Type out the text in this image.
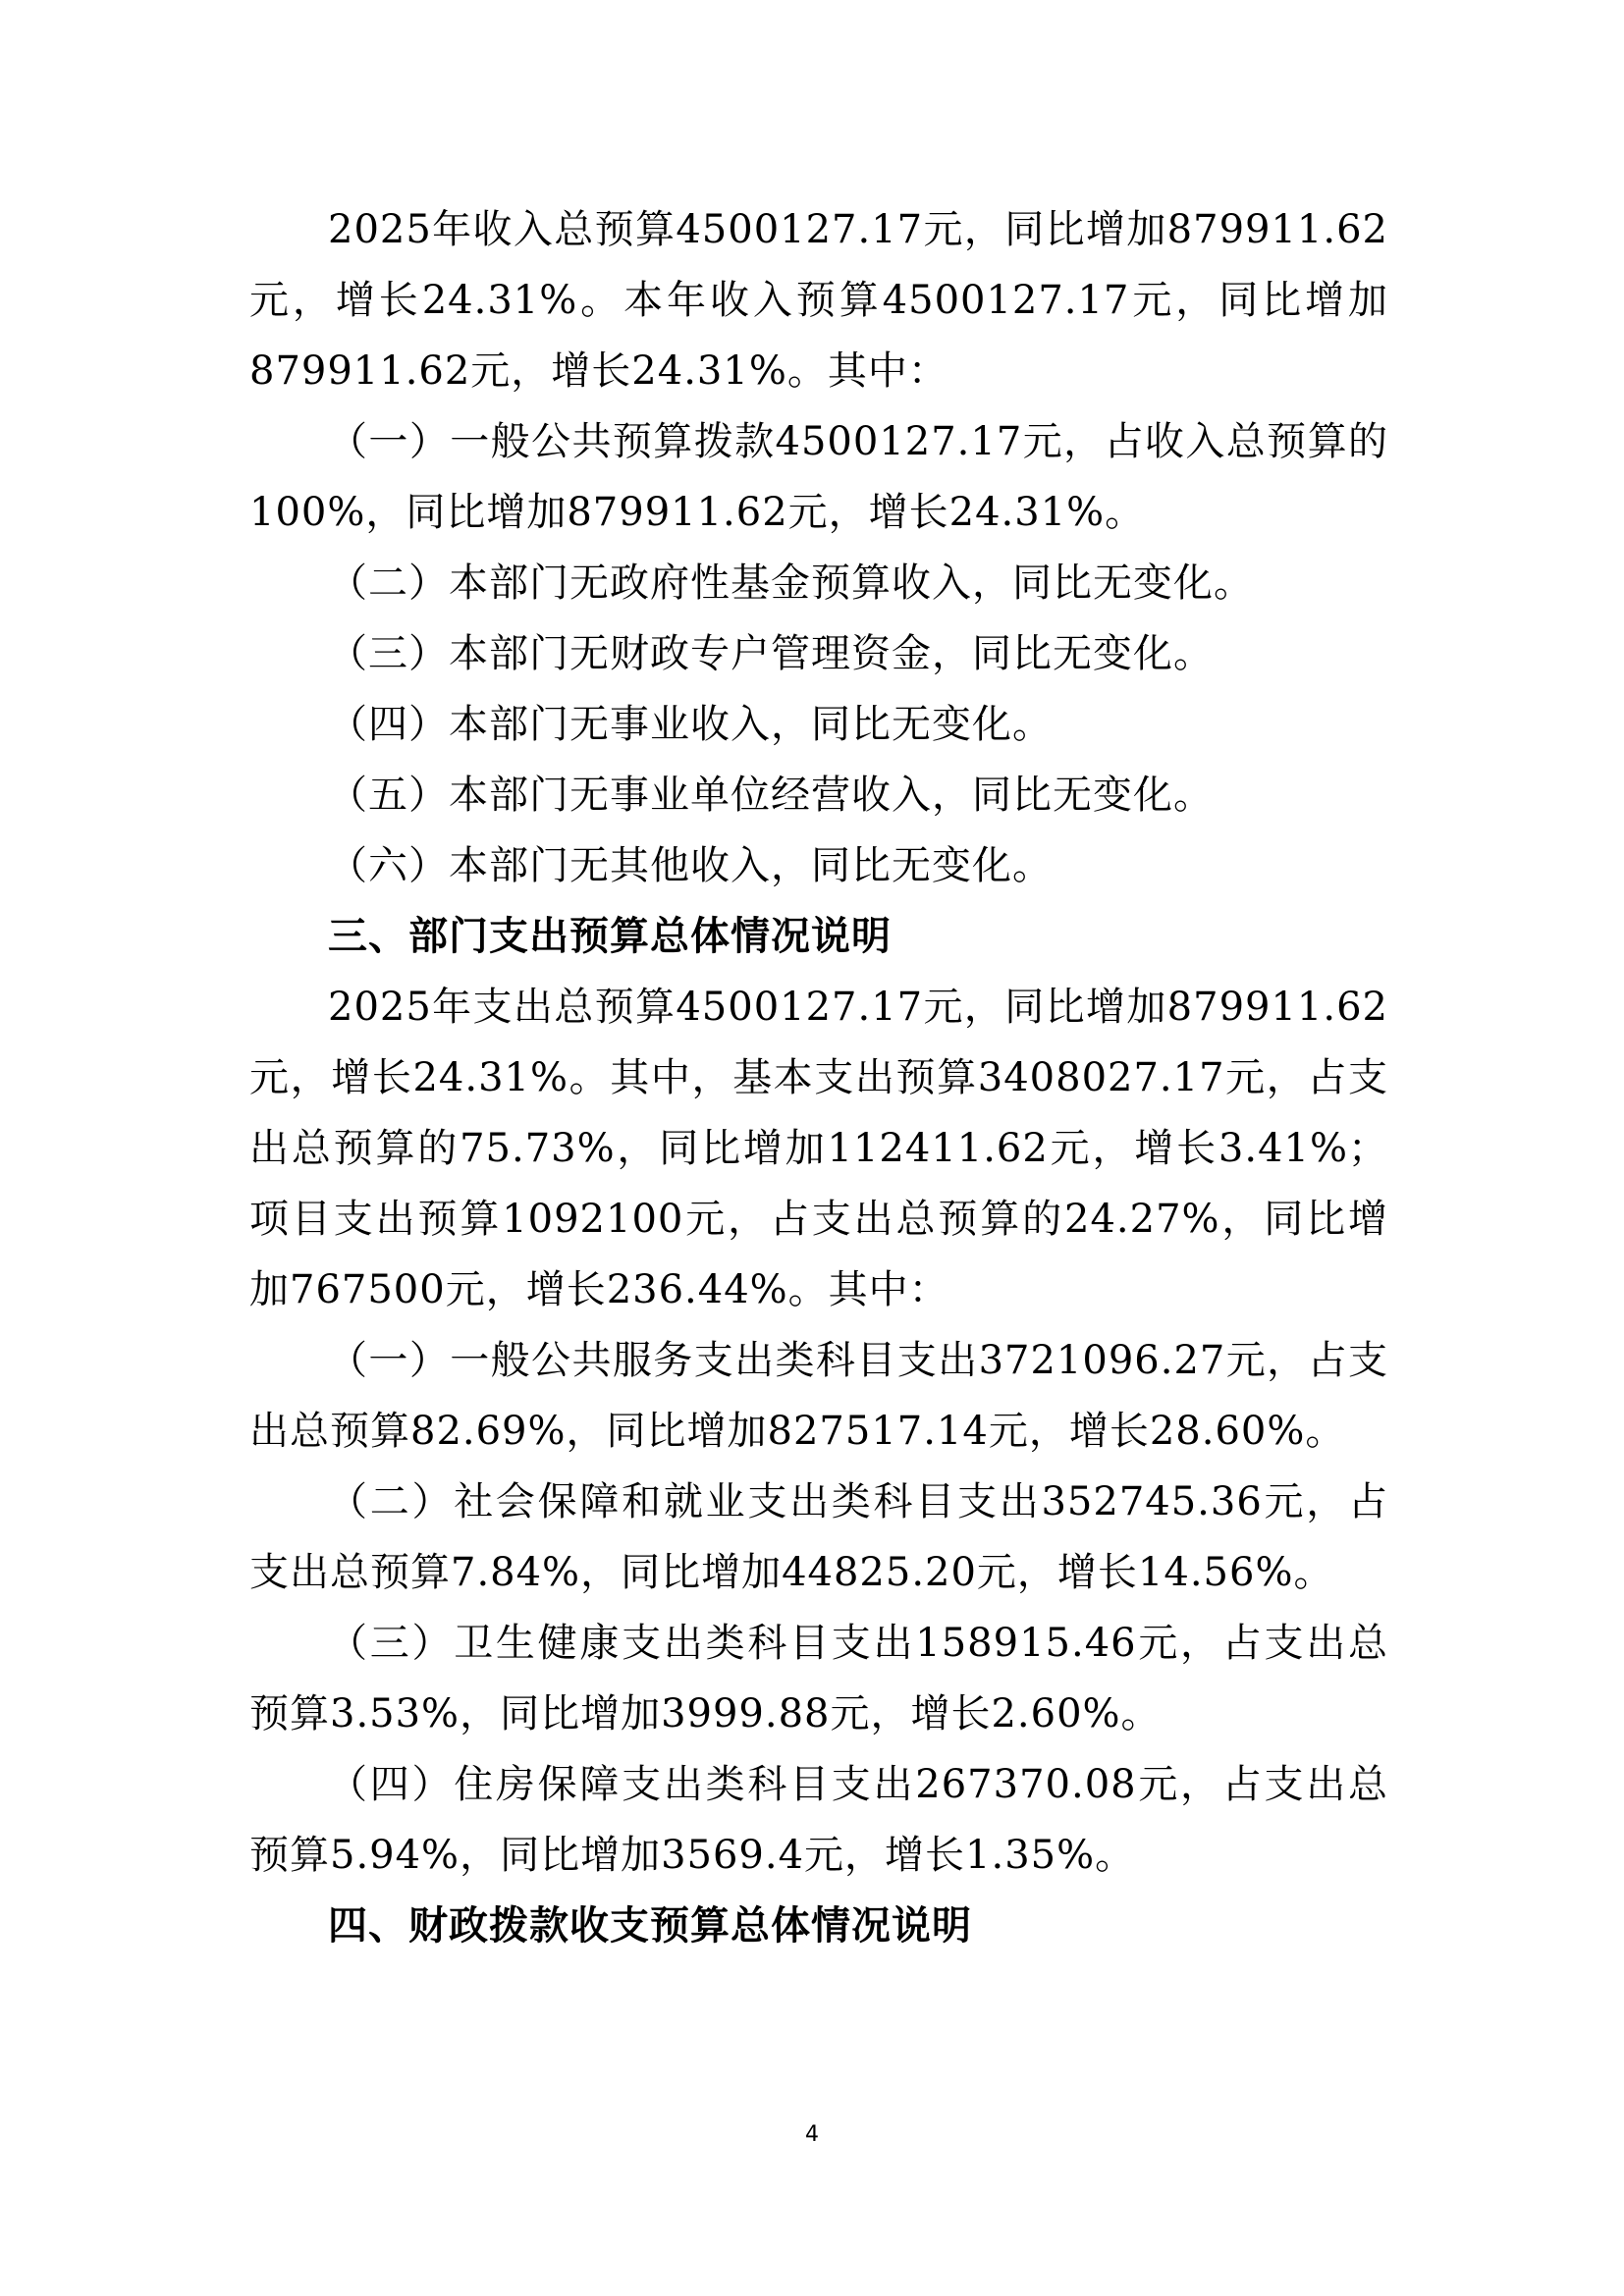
2025年收入总预算4500127.17元，同比增加879911.62元，增长24.31%。本年收入预算4500127.17元，同比增加879911.62元，增长24.31%。其中：

（一）一般公共预算拨款4500127.17元，占收入总预算的100%，同比增加879911.62元，增长24.31%。

（二）本部门无政府性基金预算收入，同比无变化。

（三）本部门无财政专户管理资金，同比无变化。

（四）本部门无事业收入，同比无变化。

（五）本部门无事业单位经营收入，同比无变化。

（六）本部门无其他收入，同比无变化。

三、部门支出预算总体情况说明

2025年支出总预算4500127.17元，同比增加879911.62元，增长24.31%。其中，基本支出预算3408027.17元，占支出总预算的75.73%，同比增加112411.62元，增长3.41%；项目支出预算1092100元，占支出总预算的24.27%，同比增加767500元，增长236.44%。其中：

（一）一般公共服务支出类科目支出3721096.27元，占支出总预算82.69%，同比增加827517.14元，增长28.60%。

（二）社会保障和就业支出类科目支出352745.36元，占支出总预算7.84%，同比增加44825.20元，增长14.56%。

（三）卫生健康支出类科目支出158915.46元，占支出总预算3.53%，同比增加3999.88元，增长2.60%。

（四）住房保障支出类科目支出267370.08元，占支出总预算5.94%，同比增加3569.4元，增长1.35%。

四、财政拨款收支预算总体情况说明

4
